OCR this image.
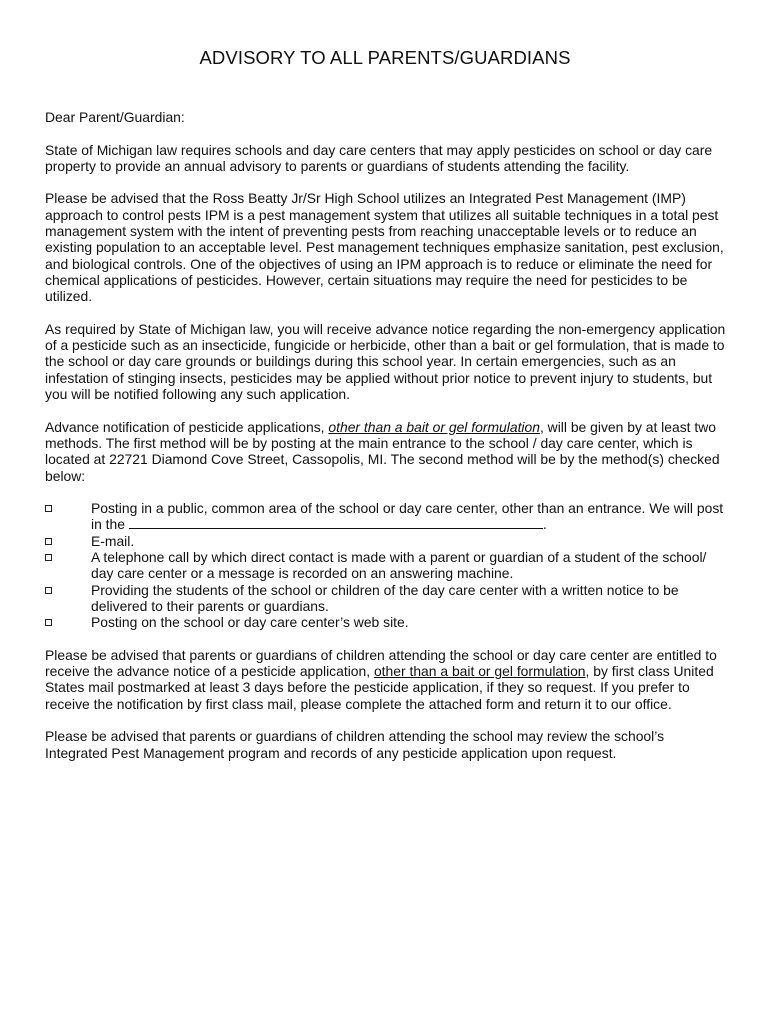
ADVISORY TO ALL PARENTS/GUARDIANS

Dear Parent/Guardian:

State of Michigan law requires schools and day care centers that may apply pesticides on school or day care property to provide an annual advisory to parents or guardians of students attending the facility.

Please be advised that the Ross Beatty Jr/Sr High School utilizes an Integrated Pest Management (IMP) approach to control pests IPM is a pest management system that utilizes all suitable techniques in a total pest management system with the intent of preventing pests from reaching unacceptable levels or to reduce an existing population to an acceptable level. Pest management techniques emphasize sanitation, pest exclusion, and biological controls. One of the objectives of using an IPM approach is to reduce or eliminate the need for chemical applications of pesticides. However, certain situations may require the need for pesticides to be utilized.

As required by State of Michigan law, you will receive advance notice regarding the non-emergency application of a pesticide such as an insecticide, fungicide or herbicide, other than a bait or gel formulation, that is made to the school or day care grounds or buildings during this school year. In certain emergencies, such as an infestation of stinging insects, pesticides may be applied without prior notice to prevent injury to students, but you will be notified following any such application.

Advance notification of pesticide applications, other than a bait or gel formulation, will be given by at least two methods. The first method will be by posting at the main entrance to the school / day care center, which is located at 22721 Diamond Cove Street, Cassopolis, MI. The second method will be by the method(s) checked below:

Posting in a public, common area of the school or day care center, other than an entrance. We will post in the	.
E-mail.
A telephone call by which direct contact is made with a parent or guardian of a student of the school/ day care center or a message is recorded on an answering machine.
Providing the students of the school or children of the day care center with a written notice to be delivered to their parents or guardians.
Posting on the school or day care center’s web site.

Please be advised that parents or guardians of children attending the school or day care center are entitled to receive the advance notice of a pesticide application, other than a bait or gel formulation, by first class United States mail postmarked at least 3 days before the pesticide application, if they so request. If you prefer to receive the notification by first class mail, please complete the attached form and return it to our office.

Please be advised that parents or guardians of children attending the school may review the school’s Integrated Pest Management program and records of any pesticide application upon request.
